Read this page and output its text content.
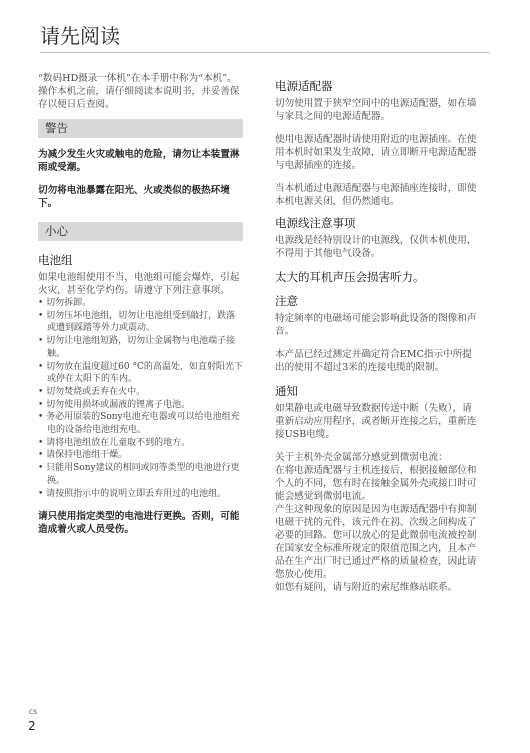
请先阅读
“数码HD摄录一体机”在本手册中称为“本机”。
操作本机之前，请仔细阅读本说明书，并妥善保存以便日后查阅。
警告
为减少发生火灾或触电的危险，请勿让本装置淋雨或受潮。
切勿将电池暴露在阳光、火或类似的极热环境下。
小心
电池组
如果电池组使用不当，电池组可能会爆炸，引起火灾，甚至化学灼伤。请遵守下列注意事项。
• 切勿拆卸。
• 切勿压坏电池组，切勿让电池组受到敲打，跌落或遭到踩踏等外力或震动。
• 切勿让电池组短路，切勿让金属物与电池端子接触。
• 切勿放在温度超过60 °C的高温处，如直射阳光下或停在太阳下的车内。
• 切勿焚烧或丢弃在火中。
• 切勿使用损坏或漏液的锂离子电池。
• 务必用原装的Sony电池充电器或可以给电池组充电的设备给电池组充电。
• 请将电池组放在儿童取不到的地方。
• 请保持电池组干燥。
• 只能用Sony建议的相同或同等类型的电池进行更换。
• 请按照指示中的说明立即丢弃用过的电池组。
请只使用指定类型的电池进行更换。否则，可能造成着火或人员受伤。
电源适配器
切勿使用置于狭窄空间中的电源适配器，如在墙与家具之间的电源适配器。
使用电源适配器时请使用附近的电源插座。在使用本机时如果发生故障，请立即断开电源适配器与电源插座的连接。
当本机通过电源适配器与电源插座连接时，即使本机电源关闭，但仍然通电。
电源线注意事项
电源线是经特别设计的电源线，仅供本机使用，不得用于其他电气设备。
太大的耳机声压会损害听力。
注意
特定频率的电磁场可能会影响此设备的图像和声音。
本产品已经过测定并确定符合EMC指示中所提出的使用不超过3米的连接电缆的限制。
通知
如果静电或电磁导致数据传送中断（失败），请重新启动应用程序，或者断开连接之后，重新连接USB电缆。
关于主机外壳金属部分感觉到微弱电流：
在将电源适配器与主机连接后，根据接触部位和个人的不同，您有时在接触金属外壳或接口时可能会感觉到微弱电流。
产生这种现象的原因是因为电源适配器中有抑制电磁干扰的元件，该元件在初、次级之间构成了必要的回路。您可以放心的是此微弱电流被控制在国家安全标准所规定的限值范围之内，且本产品在生产出厂时已通过严格的质量检查，因此请您放心使用。
如您有疑问，请与附近的索尼维修站联系。
CS
2
